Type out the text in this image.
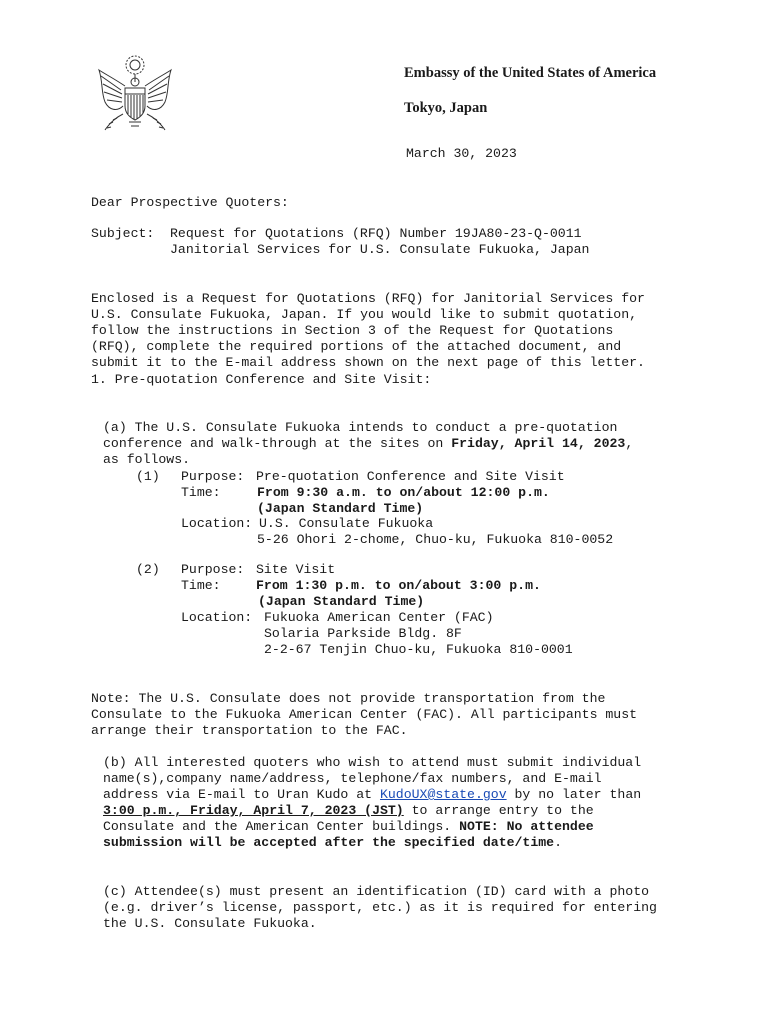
Embassy of the United States of America
Tokyo, Japan
March 30, 2023
Dear Prospective Quoters:
Subject: Request for Quotations (RFQ) Number 19JA80-23-Q-0011
Janitorial Services for U.S. Consulate Fukuoka, Japan

Enclosed is a Request for Quotations (RFQ) for Janitorial Services for
U.S. Consulate Fukuoka, Japan. If you would like to submit quotation,
follow the instructions in Section 3 of the Request for Quotations
(RFQ), complete the required portions of the attached document, and
submit it to the E-mail address shown on the next page of this letter.

1. Pre-quotation Conference and Site Visit:

(a) The U.S. Consulate Fukuoka intends to conduct a pre-quotation
conference and walk-through at the sites on Friday, April 14, 2023,
as follows.

(1) Purpose: Pre-quotation Conference and Site Visit
Time:	From 9:30 a.m. to on/about 12:00 p.m.
(Japan Standard Time)
Location: U.S. Consulate Fukuoka
5-26 Ohori 2-chome, Chuo-ku, Fukuoka 810-0052
(2) Purpose: Site Visit
Time:	From 1:30 p.m. to on/about 3:00 p.m.
(Japan Standard Time)
Location: Fukuoka American Center (FAC)
Solaria Parkside Bldg. 8F
2-2-67 Tenjin Chuo-ku, Fukuoka 810-0001

Note: The U.S. Consulate does not provide transportation from the
Consulate to the Fukuoka American Center (FAC). All participants must
arrange their transportation to the FAC.

(b) All interested quoters who wish to attend must submit individual
name(s),company name/address, telephone/fax numbers, and E-mail
address via E-mail to Uran Kudo at KudoUX@state.gov by no later than
3:00 p.m., Friday, April 7, 2023 (JST) to arrange entry to the
Consulate and the American Center buildings. NOTE: No attendee
submission will be accepted after the specified date/time.

(c) Attendee(s) must present an identification (ID) card with a photo
(e.g. driver’s license, passport, etc.) as it is required for entering
the U.S. Consulate Fukuoka.
